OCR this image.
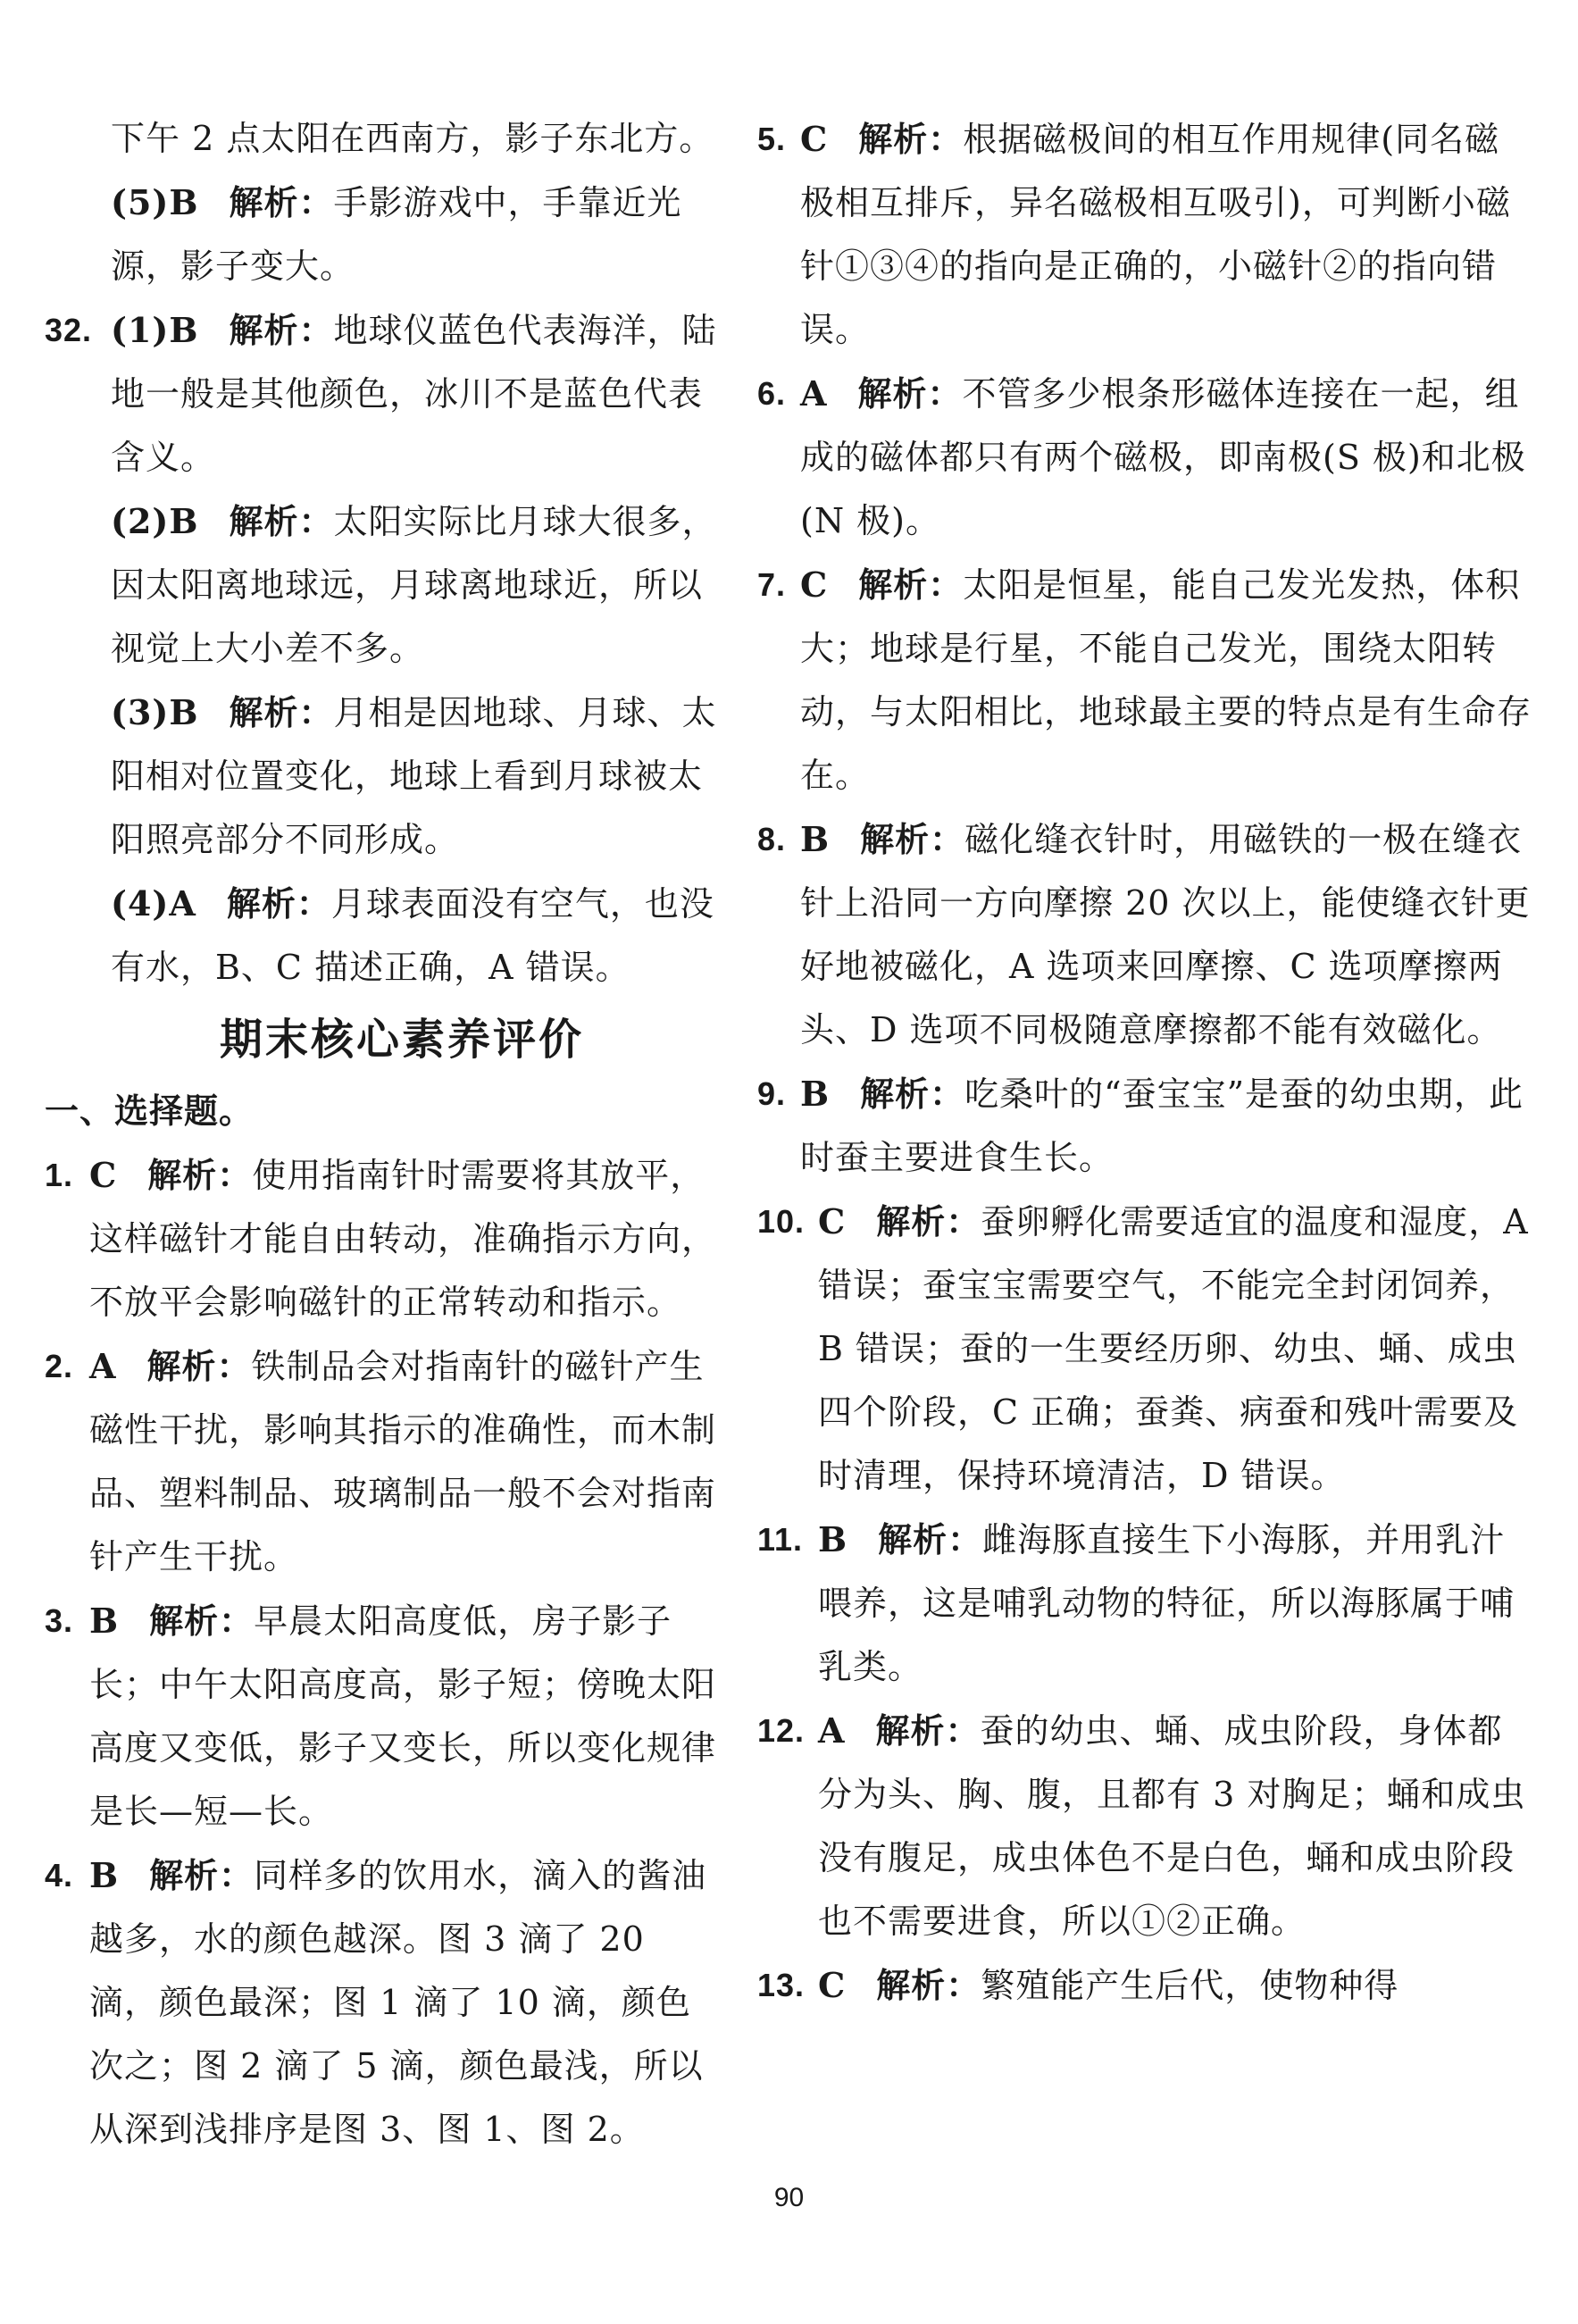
下午 2 点太阳在西南方，影子东北方。
(5)B 解析：手影游戏中，手靠近光源，影子变大。
32. (1)B 解析：地球仪蓝色代表海洋，陆地一般是其他颜色，冰川不是蓝色代表含义。
(2)B 解析：太阳实际比月球大很多，因太阳离地球远，月球离地球近，所以视觉上大小差不多。
(3)B 解析：月相是因地球、月球、太阳相对位置变化，地球上看到月球被太阳照亮部分不同形成。
(4)A 解析：月球表面没有空气，也没有水，B、C 描述正确，A 错误。
期末核心素养评价
一、选择题。
1. C 解析：使用指南针时需要将其放平，这样磁针才能自由转动，准确指示方向，不放平会影响磁针的正常转动和指示。
2. A 解析：铁制品会对指南针的磁针产生磁性干扰，影响其指示的准确性，而木制品、塑料制品、玻璃制品一般不会对指南针产生干扰。
3. B 解析：早晨太阳高度低，房子影子长；中午太阳高度高，影子短；傍晚太阳高度又变低，影子又变长，所以变化规律是长—短—长。
4. B 解析：同样多的饮用水，滴入的酱油越多，水的颜色越深。图 3 滴了 20 滴，颜色最深；图 1 滴了 10 滴，颜色次之；图 2 滴了 5 滴，颜色最浅，所以从深到浅排序是图 3、图 1、图 2。
5. C 解析：根据磁极间的相互作用规律(同名磁极相互排斥，异名磁极相互吸引)，可判断小磁针①③④的指向是正确的，小磁针②的指向错误。
6. A 解析：不管多少根条形磁体连接在一起，组成的磁体都只有两个磁极，即南极(S 极)和北极(N 极)。
7. C 解析：太阳是恒星，能自己发光发热，体积大；地球是行星，不能自己发光，围绕太阳转动，与太阳相比，地球最主要的特点是有生命存在。
8. B 解析：磁化缝衣针时，用磁铁的一极在缝衣针上沿同一方向摩擦 20 次以上，能使缝衣针更好地被磁化，A 选项来回摩擦、C 选项摩擦两头、D 选项不同极随意摩擦都不能有效磁化。
9. B 解析：吃桑叶的“蚕宝宝”是蚕的幼虫期，此时蚕主要进食生长。
10. C 解析：蚕卵孵化需要适宜的温度和湿度，A 错误；蚕宝宝需要空气，不能完全封闭饲养，B 错误；蚕的一生要经历卵、幼虫、蛹、成虫四个阶段，C 正确；蚕粪、病蚕和残叶需要及时清理，保持环境清洁，D 错误。
11. B 解析：雌海豚直接生下小海豚，并用乳汁喂养，这是哺乳动物的特征，所以海豚属于哺乳类。
12. A 解析：蚕的幼虫、蛹、成虫阶段，身体都分为头、胸、腹，且都有 3 对胸足；蛹和成虫没有腹足，成虫体色不是白色，蛹和成虫阶段也不需要进食，所以①②正确。
13. C 解析：繁殖能产生后代，使物种得
90
